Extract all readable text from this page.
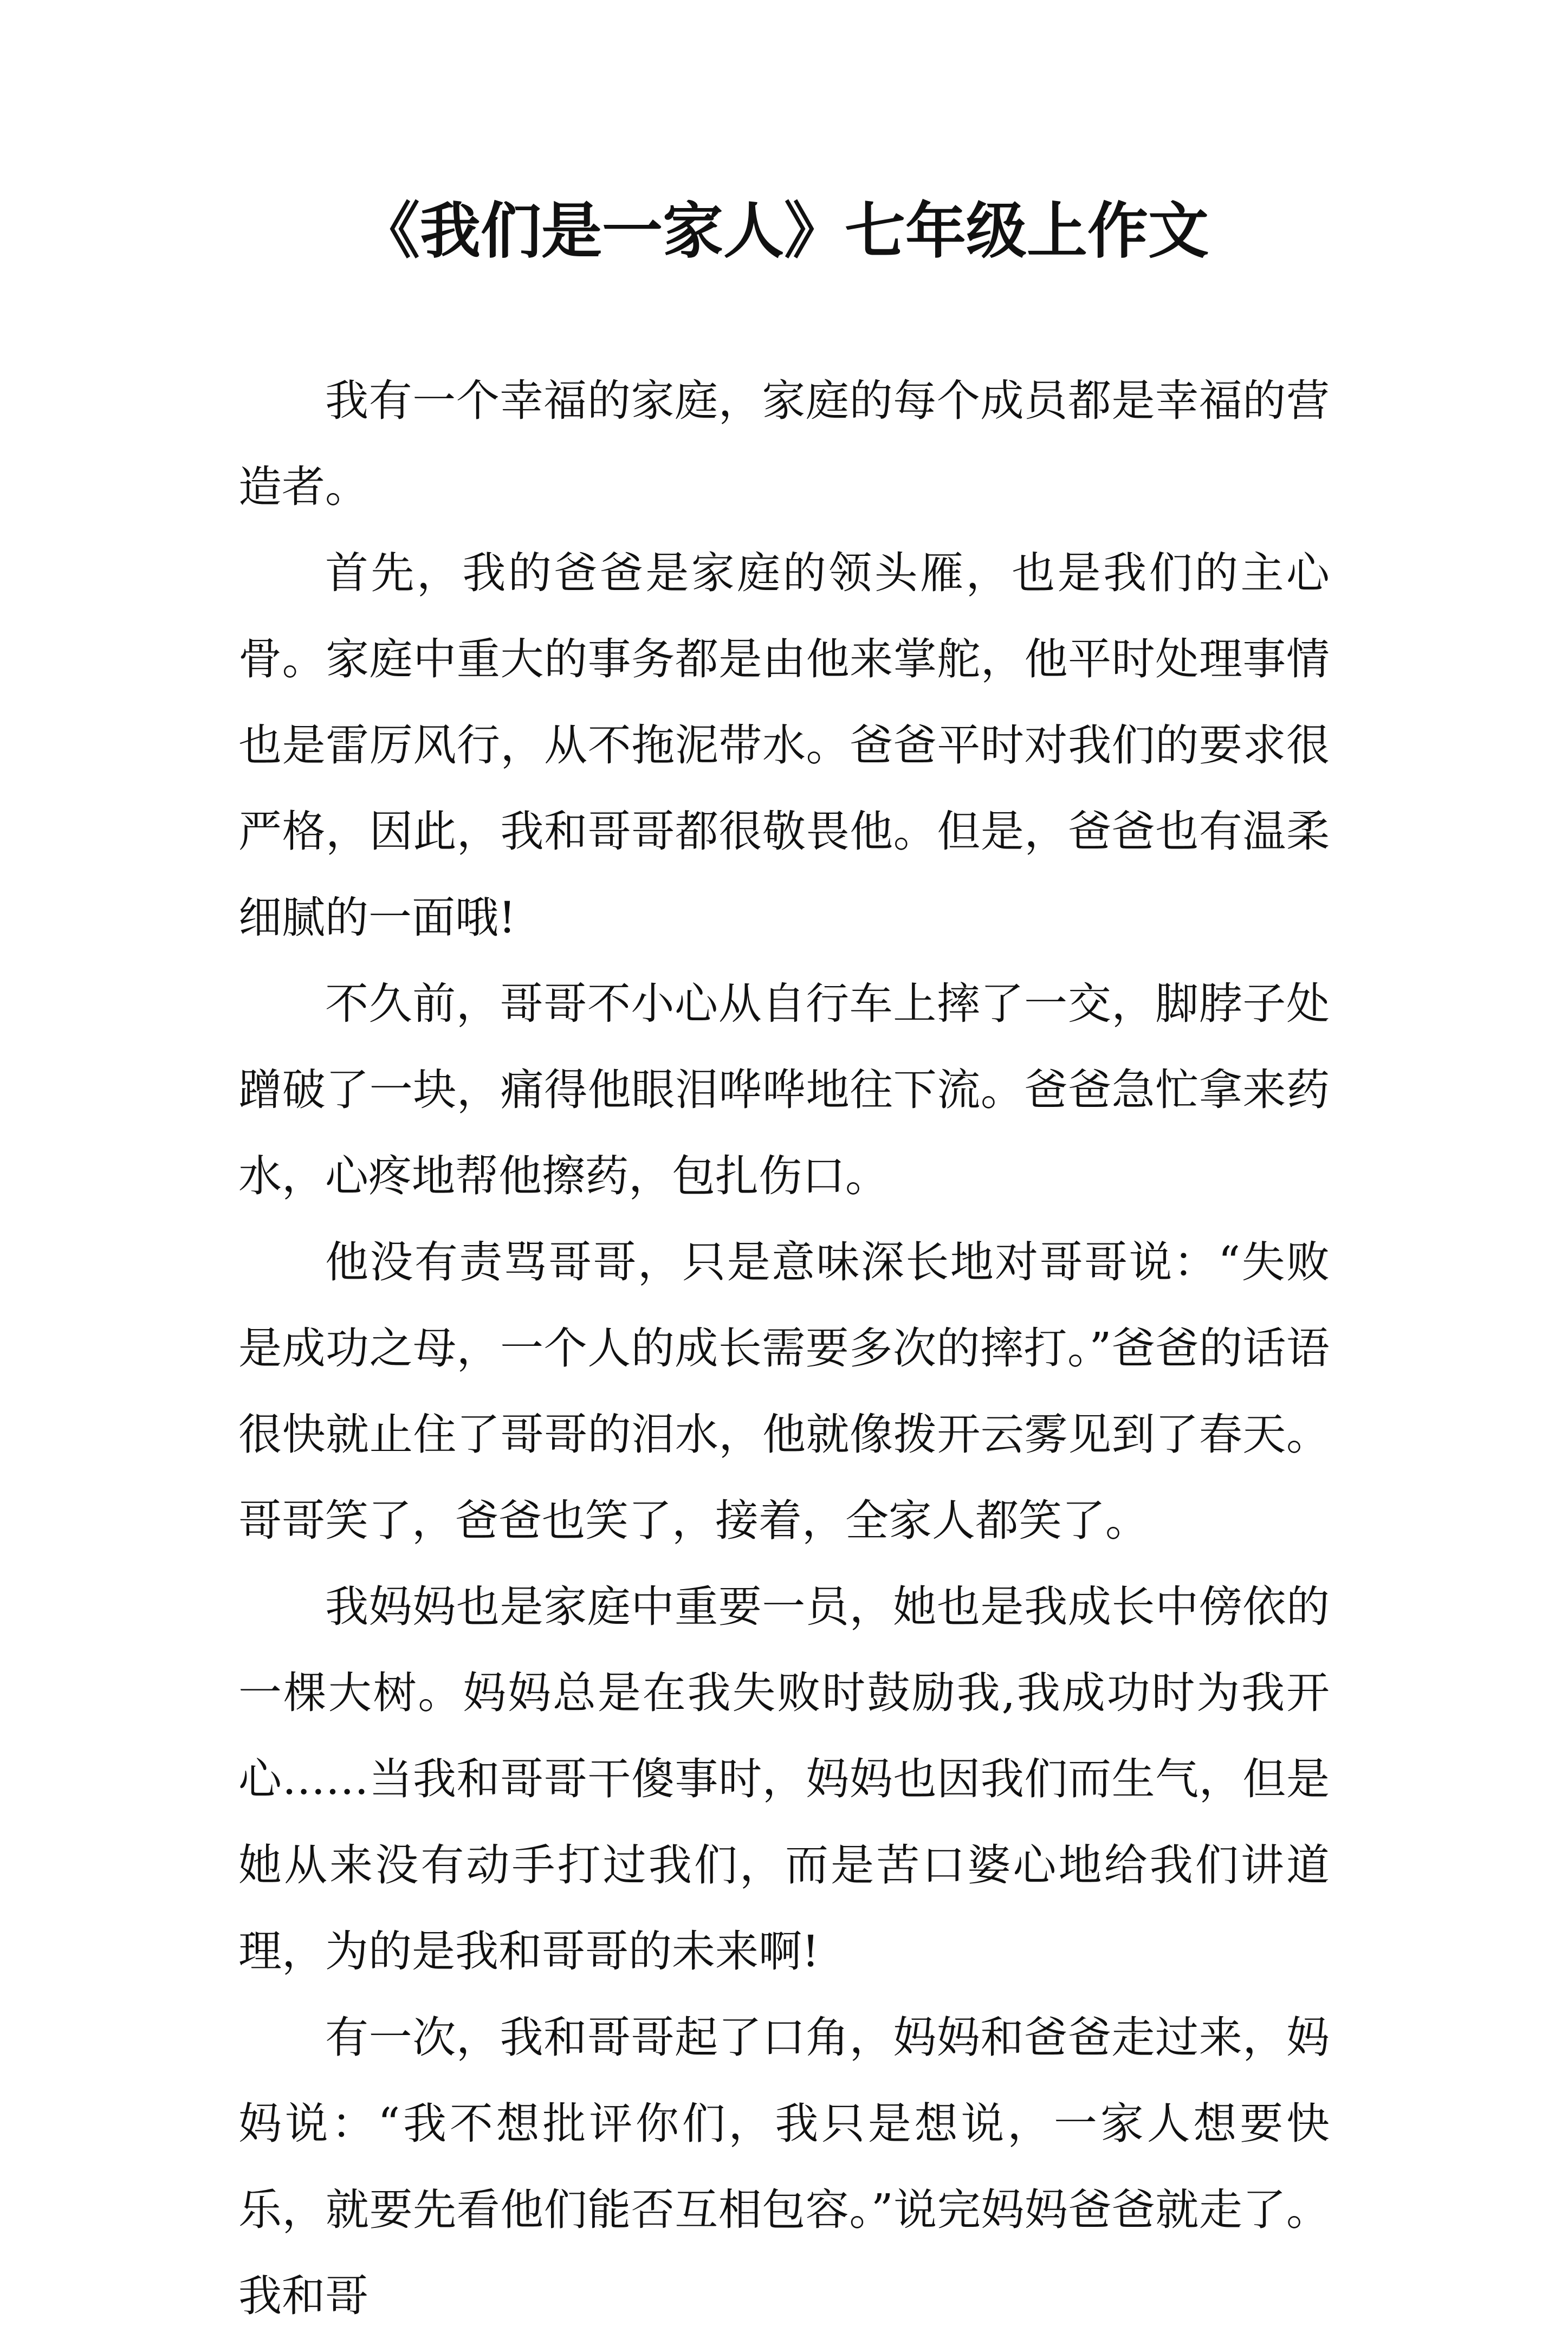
《我们是一家人》七年级上作文

我有一个幸福的家庭，家庭的每个成员都是幸福的营造者。

首先，我的爸爸是家庭的领头雁，也是我们的主心骨。家庭中重大的事务都是由他来掌舵，他平时处理事情也是雷厉风行，从不拖泥带水。爸爸平时对我们的要求很严格，因此，我和哥哥都很敬畏他。但是，爸爸也有温柔细腻的一面哦!

不久前，哥哥不小心从自行车上摔了一交，脚脖子处蹭破了一块，痛得他眼泪哗哗地往下流。爸爸急忙拿来药水，心疼地帮他擦药，包扎伤口。

他没有责骂哥哥，只是意味深长地对哥哥说：“失败是成功之母，一个人的成长需要多次的摔打。”爸爸的话语很快就止住了哥哥的泪水，他就像拨开云雾见到了春天。哥哥笑了，爸爸也笑了，接着，全家人都笑了。

我妈妈也是家庭中重要一员，她也是我成长中傍依的一棵大树。妈妈总是在我失败时鼓励我,我成功时为我开心……当我和哥哥干傻事时，妈妈也因我们而生气，但是她从来没有动手打过我们，而是苦口婆心地给我们讲道理，为的是我和哥哥的未来啊!

有一次，我和哥哥起了口角，妈妈和爸爸走过来，妈妈说：“我不想批评你们，我只是想说，一家人想要快乐，就要先看他们能否互相包容。”说完妈妈爸爸就走了。我和哥
